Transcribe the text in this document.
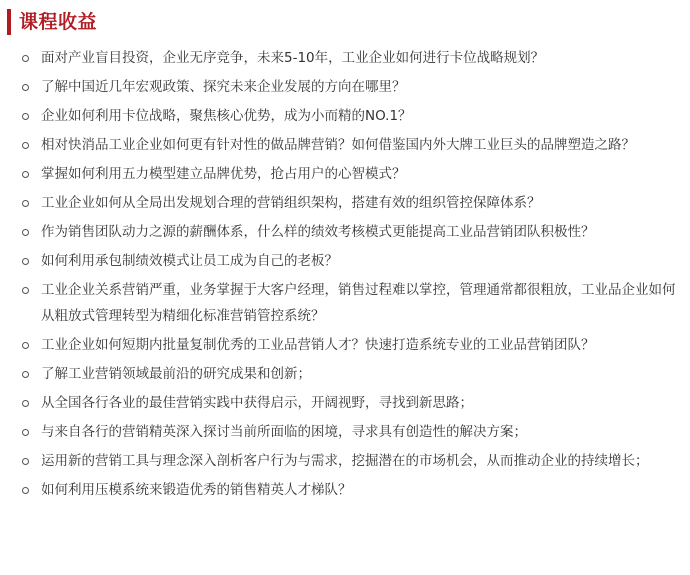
课程收益
面对产业盲目投资，企业无序竞争，未来5-10年，工业企业如何进行卡位战略规划？
了解中国近几年宏观政策、探究未来企业发展的方向在哪里？
企业如何利用卡位战略，聚焦核心优势，成为小而精的NO.1？
相对快消品工业企业如何更有针对性的做品牌营销？如何借鉴国内外大牌工业巨头的品牌塑造之路？
掌握如何利用五力模型建立品牌优势，抢占用户的心智模式？
工业企业如何从全局出发规划合理的营销组织架构，搭建有效的组织管控保障体系？
作为销售团队动力之源的薪酬体系，什么样的绩效考核模式更能提高工业品营销团队积极性？
如何利用承包制绩效模式让员工成为自己的老板？
工业企业关系营销严重，业务掌握于大客户经理，销售过程难以掌控，管理通常都很粗放，工业品企业如何从粗放式管理转型为精细化标准营销管控系统？
工业企业如何短期内批量复制优秀的工业品营销人才？快速打造系统专业的工业品营销团队？
了解工业营销领域最前沿的研究成果和创新；
从全国各行各业的最佳营销实践中获得启示，开阔视野，寻找到新思路；
与来自各行的营销精英深入探讨当前所面临的困境，寻求具有创造性的解决方案；
运用新的营销工具与理念深入剖析客户行为与需求，挖掘潜在的市场机会，从而推动企业的持续增长；
如何利用压模系统来锻造优秀的销售精英人才梯队？
